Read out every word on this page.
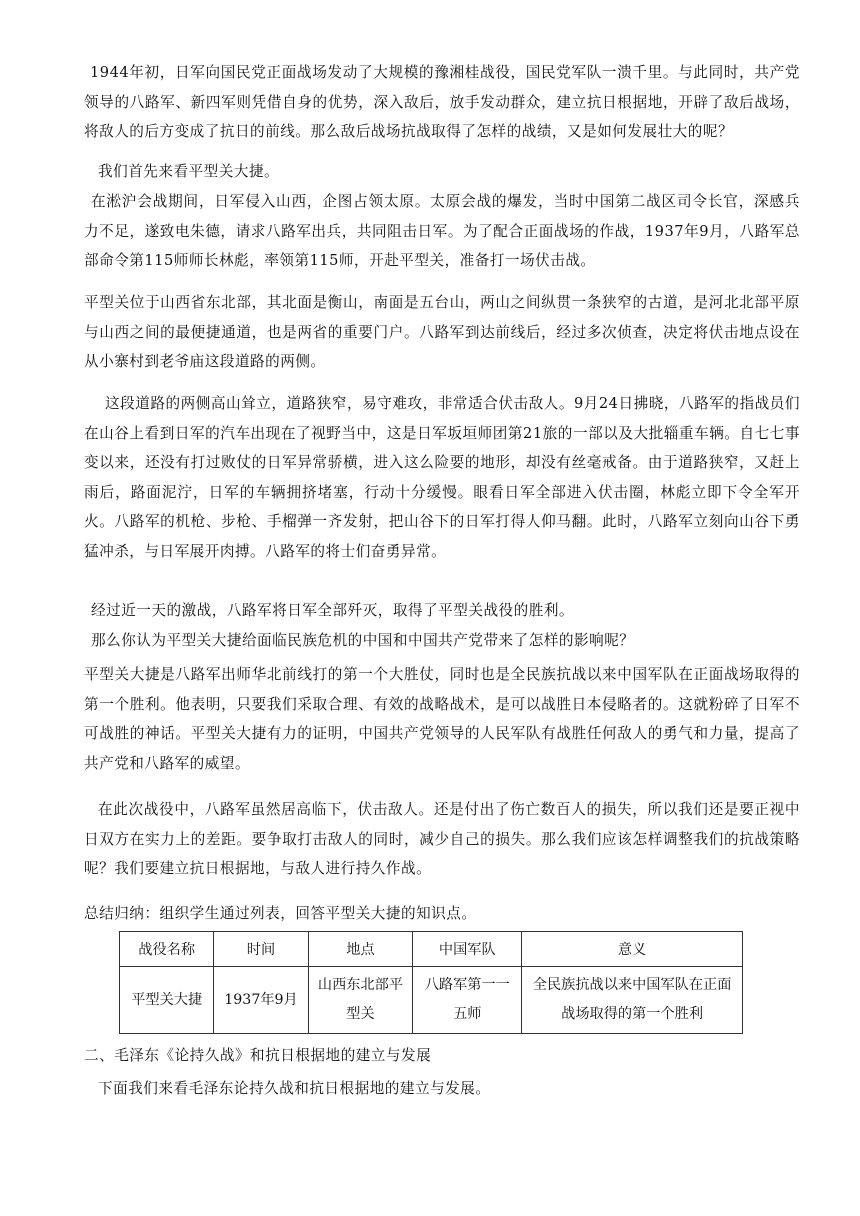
1944年初，日军向国民党正面战场发动了大规模的豫湘桂战役，国民党军队一溃千里。与此同时，共产党领导的八路军、新四军则凭借自身的优势，深入敌后，放手发动群众，建立抗日根据地，开辟了敌后战场，将敌人的后方变成了抗日的前线。那么敌后战场抗战取得了怎样的战绩，又是如何发展壮大的呢？

我们首先来看平型关大捷。

在淞沪会战期间，日军侵入山西，企图占领太原。太原会战的爆发，当时中国第二战区司令长官，深感兵力不足，遂致电朱德，请求八路军出兵，共同阻击日军。为了配合正面战场的作战，1937年9月，八路军总部命令第115师师长林彪，率领第115师，开赴平型关，准备打一场伏击战。

平型关位于山西省东北部，其北面是衡山，南面是五台山，两山之间纵贯一条狭窄的古道，是河北北部平原与山西之间的最便捷通道，也是两省的重要门户。八路军到达前线后，经过多次侦查，决定将伏击地点设在从小寨村到老爷庙这段道路的两侧。

这段道路的两侧高山耸立，道路狭窄，易守难攻，非常适合伏击敌人。9月24日拂晓，八路军的指战员们在山谷上看到日军的汽车出现在了视野当中，这是日军坂垣师团第21旅的一部以及大批辎重车辆。自七七事变以来，还没有打过败仗的日军异常骄横，进入这么险要的地形，却没有丝毫戒备。由于道路狭窄，又赶上雨后，路面泥泞，日军的车辆拥挤堵塞，行动十分缓慢。眼看日军全部进入伏击圈，林彪立即下令全军开火。八路军的机枪、步枪、手榴弹一齐发射，把山谷下的日军打得人仰马翻。此时，八路军立刻向山谷下勇猛冲杀，与日军展开肉搏。八路军的将士们奋勇异常。

经过近一天的激战，八路军将日军全部歼灭，取得了平型关战役的胜利。

那么你认为平型关大捷给面临民族危机的中国和中国共产党带来了怎样的影响呢？

平型关大捷是八路军出师华北前线打的第一个大胜仗，同时也是全民族抗战以来中国军队在正面战场取得的第一个胜利。他表明，只要我们采取合理、有效的战略战术，是可以战胜日本侵略者的。这就粉碎了日军不可战胜的神话。平型关大捷有力的证明，中国共产党领导的人民军队有战胜任何敌人的勇气和力量，提高了共产党和八路军的威望。

在此次战役中，八路军虽然居高临下，伏击敌人。还是付出了伤亡数百人的损失，所以我们还是要正视中日双方在实力上的差距。要争取打击敌人的同时，减少自己的损失。那么我们应该怎样调整我们的抗战策略呢？我们要建立抗日根据地，与敌人进行持久作战。

总结归纳：组织学生通过列表，回答平型关大捷的知识点。

战役名称	时间	地点	中国军队	意义
平型关大捷	1937年9月	山西东北部平型关	八路军第一一五师	全民族抗战以来中国军队在正面战场取得的第一个胜利

二、毛泽东《论持久战》和抗日根据地的建立与发展

下面我们来看毛泽东论持久战和抗日根据地的建立与发展。
